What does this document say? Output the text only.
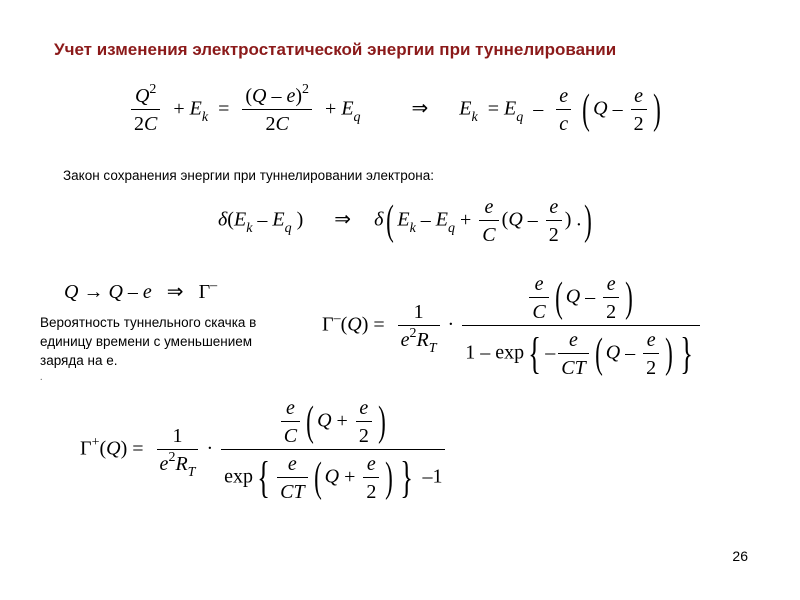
Учет изменения электростатической энергии при туннелировании
$\frac{Q^2}{2C} + E_k = \frac{(Q - e)^2}{2C} + E_q$	⇒ $E_k = E_q - \frac{e}{c}$ ( Q – $\frac{e}{2}$ )
Закон сохранения энергии при туннелировании электрона:
$\delta(E_k - E_q$ ) ⇒ δ( $E_k - E_q + \frac{e}{C} (Q - \frac{e}{2}$ ) .)
Q → Q – e ⇒ Γ–
Вероятность туннельного скачка в единицу времени с уменьшением заряда на е.
.
$\Gamma^-(Q) = \frac{1}{e^2R_T} \cdot \frac{\frac{e}{C} ( Q - \frac{e}{2} )}{1 - \exp\{ - \frac{e}{CT} ( Q - \frac{e}{2} ) \}}$
$\Gamma^+(Q) = \frac{1}{e^2R_T} \cdot \frac{\frac{e}{C} ( Q + \frac{e}{2} )}{\exp\{ \frac{e}{CT} ( Q + \frac{e}{2} ) \} -1}$
26
